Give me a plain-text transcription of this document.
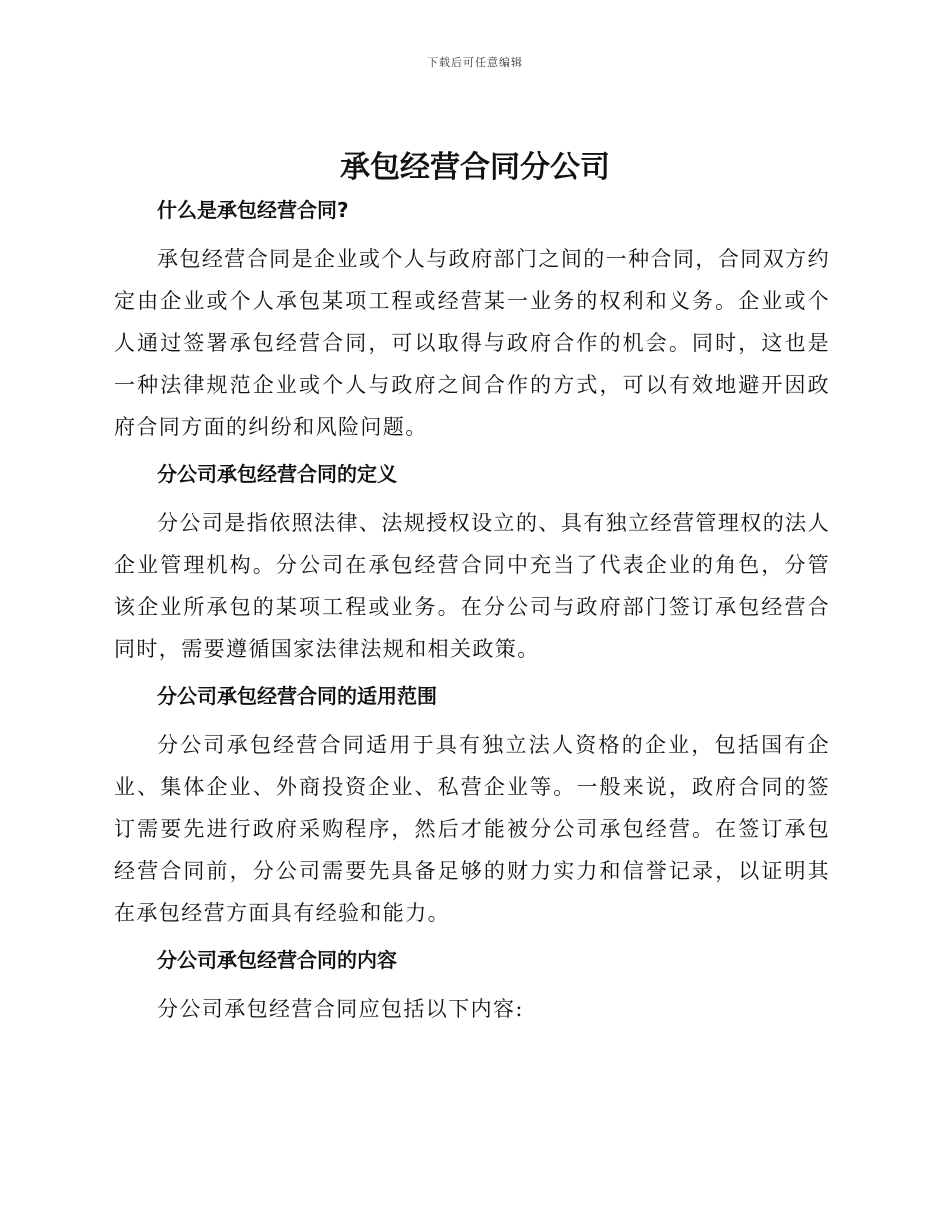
下载后可任意编辑
承包经营合同分公司
什么是承包经营合同?

承包经营合同是企业或个人与政府部门之间的一种合同，合同双方约定由企业或个人承包某项工程或经营某一业务的权利和义务。企业或个人通过签署承包经营合同，可以取得与政府合作的机会。同时，这也是一种法律规范企业或个人与政府之间合作的方式，可以有效地避开因政府合同方面的纠纷和风险问题。

分公司承包经营合同的定义

分公司是指依照法律、法规授权设立的、具有独立经营管理权的法人企业管理机构。分公司在承包经营合同中充当了代表企业的角色，分管该企业所承包的某项工程或业务。在分公司与政府部门签订承包经营合同时，需要遵循国家法律法规和相关政策。

分公司承包经营合同的适用范围

分公司承包经营合同适用于具有独立法人资格的企业，包括国有企业、集体企业、外商投资企业、私营企业等。一般来说，政府合同的签订需要先进行政府采购程序，然后才能被分公司承包经营。在签订承包经营合同前，分公司需要先具备足够的财力实力和信誉记录，以证明其在承包经营方面具有经验和能力。

分公司承包经营合同的内容

分公司承包经营合同应包括以下内容:
